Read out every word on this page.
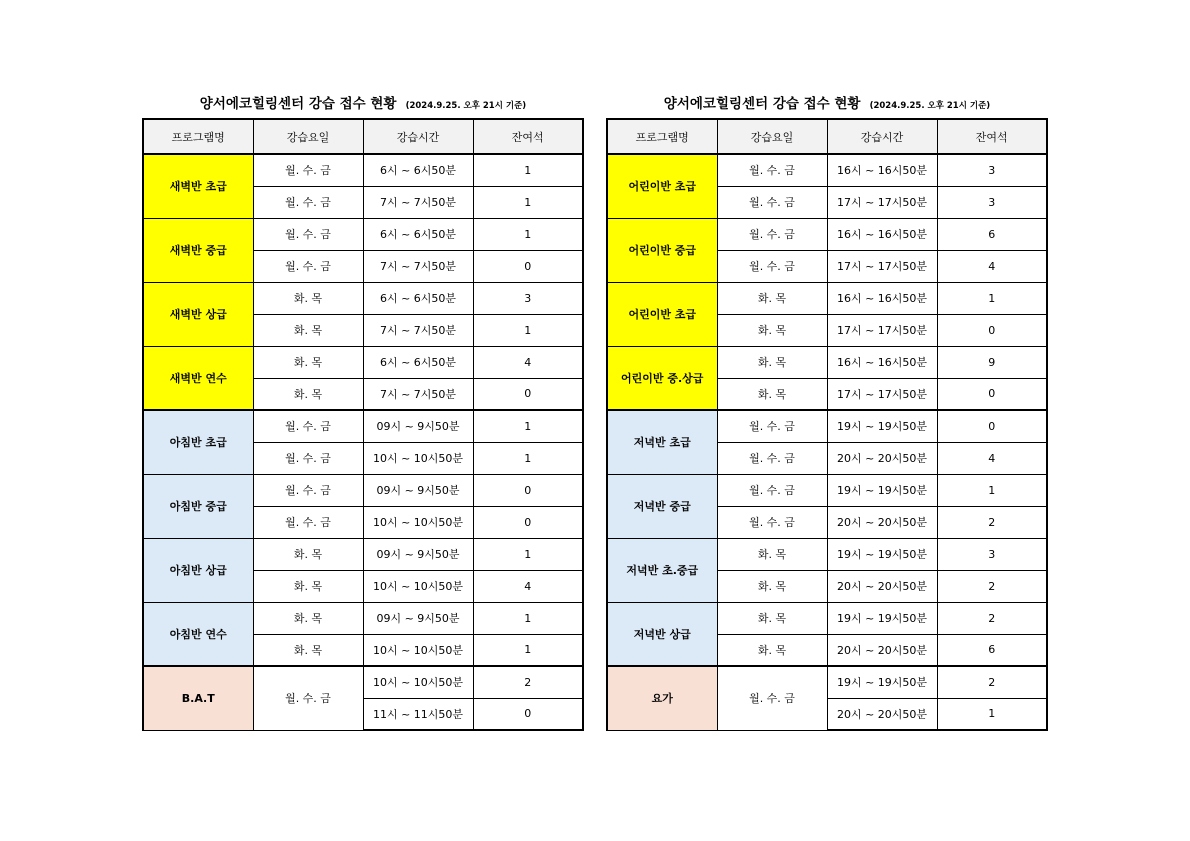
양서에코힐링센터 강습 접수 현황 (2024.9.25. 오후 21시 기준)
프로그램명	강습요일	강습시간	잔여석
새벽반 초급	월. 수. 금	6시 ~ 6시50분	1
	월. 수. 금	7시 ~ 7시50분	1
새벽반 중급	월. 수. 금	6시 ~ 6시50분	1
	월. 수. 금	7시 ~ 7시50분	0
새벽반 상급	화. 목	6시 ~ 6시50분	3
	화. 목	7시 ~ 7시50분	1
새벽반 연수	화. 목	6시 ~ 6시50분	4
	화. 목	7시 ~ 7시50분	0
아침반 초급	월. 수. 금	09시 ~ 9시50분	1
	월. 수. 금	10시 ~ 10시50분	1
아침반 중급	월. 수. 금	09시 ~ 9시50분	0
	월. 수. 금	10시 ~ 10시50분	0
아침반 상급	화. 목	09시 ~ 9시50분	1
	화. 목	10시 ~ 10시50분	4
아침반 연수	화. 목	09시 ~ 9시50분	1
	화. 목	10시 ~ 10시50분	1
B.A.T	월. 수. 금	10시 ~ 10시50분	2
		11시 ~ 11시50분	0
양서에코힐링센터 강습 접수 현황 (2024.9.25. 오후 21시 기준)
프로그램명	강습요일	강습시간	잔여석
어린이반 초급	월. 수. 금	16시 ~ 16시50분	3
	월. 수. 금	17시 ~ 17시50분	3
어린이반 중급	월. 수. 금	16시 ~ 16시50분	6
	월. 수. 금	17시 ~ 17시50분	4
어린이반 초급	화. 목	16시 ~ 16시50분	1
	화. 목	17시 ~ 17시50분	0
어린이반 중.상급	화. 목	16시 ~ 16시50분	9
	화. 목	17시 ~ 17시50분	0
저녁반 초급	월. 수. 금	19시 ~ 19시50분	0
	월. 수. 금	20시 ~ 20시50분	4
저녁반 중급	월. 수. 금	19시 ~ 19시50분	1
	월. 수. 금	20시 ~ 20시50분	2
저녁반 초.중급	화. 목	19시 ~ 19시50분	3
	화. 목	20시 ~ 20시50분	2
저녁반 상급	화. 목	19시 ~ 19시50분	2
	화. 목	20시 ~ 20시50분	6
요가	월. 수. 금	19시 ~ 19시50분	2
		20시 ~ 20시50분	1
